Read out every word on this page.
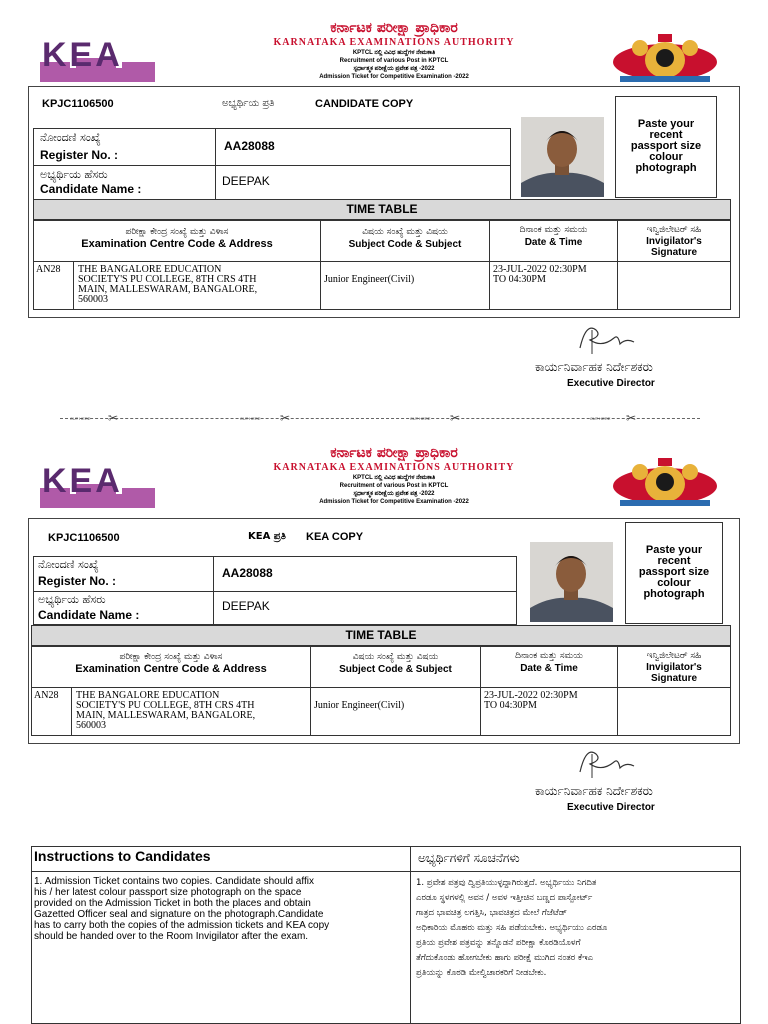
KEA
ಕರ್ನಾಟಕ ಪರೀಕ್ಷಾ ಪ್ರಾಧಿಕಾರ
KARNATAKA EXAMINATIONS AUTHORITY
KPTCL ನಲ್ಲಿ ವಿವಿಧ ಹುದ್ದೆಗಳ ನೇಮಕಾತಿ
Recruitment of various Post in KPTCL
ಸ್ಪರ್ಧಾತ್ಮಕ ಪರೀಕ್ಷೆಯ ಪ್ರವೇಶ ಪತ್ರ -2022
Admission Ticket for Competitive Examination -2022
KPJC1106500	ಅಭ್ಯರ್ಥಿಯ ಪ್ರತಿ	CANDIDATE COPY
ನೋಂದಣಿ ಸಂಖ್ಯೆ
Register No. :
AA28088
ಅಭ್ಯರ್ಥಿಯ ಹೆಸರು
Candidate Name :
DEEPAK
Paste your
recent
passport size
colour
photograph
TIME TABLE
ಪರೀಕ್ಷಾ ಕೇಂದ್ರ ಸಂಖ್ಯೆ ಮತ್ತು ವಿಳಾಸ
Examination Centre Code & Address
ವಿಷಯ ಸಂಖ್ಯೆ ಮತ್ತು ವಿಷಯ
Subject Code & Subject
ದಿನಾಂಕ ಮತ್ತು ಸಮಯ
Date & Time
ಇನ್ವಿಜಿಲೇಟರ್ ಸಹಿ
Invigilator's
Signature
AN28	THE BANGALORE EDUCATION
SOCIETY'S PU COLLEGE, 8TH CRS 4TH
MAIN, MALLESWARAM, BANGALORE,
560003
Junior Engineer(Civil)
23-JUL-2022 02:30PM
TO 04:30PM
ಕಾರ್ಯನಿರ್ವಾಹಕ ನಿರ್ದೇಶಕರು
Executive Director
✂	✂	✂	✂
CUT HERE	CUT HERE	CUT HERE	CUT HERE
KEA
ಕರ್ನಾಟಕ ಪರೀಕ್ಷಾ ಪ್ರಾಧಿಕಾರ
KARNATAKA EXAMINATIONS AUTHORITY
KPTCL ನಲ್ಲಿ ವಿವಿಧ ಹುದ್ದೆಗಳ ನೇಮಕಾತಿ
Recruitment of various Post in KPTCL
ಸ್ಪರ್ಧಾತ್ಮಕ ಪರೀಕ್ಷೆಯ ಪ್ರವೇಶ ಪತ್ರ -2022
Admission Ticket for Competitive Examination -2022
KPJC1106500	KEA ಪ್ರತಿ KEA COPY
ನೋಂದಣಿ ಸಂಖ್ಯೆ
Register No. :
AA28088
ಅಭ್ಯರ್ಥಿಯ ಹೆಸರು
Candidate Name :
DEEPAK
Paste your
recent
passport size
colour
photograph
TIME TABLE
ಪರೀಕ್ಷಾ ಕೇಂದ್ರ ಸಂಖ್ಯೆ ಮತ್ತು ವಿಳಾಸ
Examination Centre Code & Address
ವಿಷಯ ಸಂಖ್ಯೆ ಮತ್ತು ವಿಷಯ
Subject Code & Subject
ದಿನಾಂಕ ಮತ್ತು ಸಮಯ
Date & Time
ಇನ್ವಿಜಿಲೇಟರ್ ಸಹಿ
Invigilator's
Signature
AN28	THE BANGALORE EDUCATION
SOCIETY'S PU COLLEGE, 8TH CRS 4TH
MAIN, MALLESWARAM, BANGALORE,
560003
Junior Engineer(Civil)
23-JUL-2022 02:30PM
TO 04:30PM
ಕಾರ್ಯನಿರ್ವಾಹಕ ನಿರ್ದೇಶಕರು
Executive Director
Instructions to Candidates	ಅಭ್ಯರ್ಥಿಗಳಿಗೆ ಸೂಚನೆಗಳು
1. Admission Ticket contains two copies. Candidate should affix
his / her latest colour passport size photograph on the space
provided on the Admission Ticket in both the places and obtain
Gazetted Officer seal and signature on the photograph.Candidate
has to carry both the copies of the admission tickets and KEA copy
should be handed over to the Room Invigilator after the exam.
1. ಪ್ರವೇಶ ಪತ್ರವು ದ್ವಿಪ್ರತಿಯುಳ್ಳದ್ದಾಗಿರುತ್ತದೆ. ಅಭ್ಯರ್ಥಿಯು ನಿಗದಿತ
ಎರಡೂ ಸ್ಥಳಗಳಲ್ಲಿ ಅವನ / ಅವಳ ಇತ್ತೀಚಿನ ಬಣ್ಣದ ಪಾಸ್ಪೋರ್ಟ್
ಗಾತ್ರದ ಭಾವಚಿತ್ರ ಲಗತ್ತಿಸಿ, ಭಾವಚಿತ್ರದ ಮೇಲೆ ಗೆಜೆಟೆಡ್
ಅಧಿಕಾರಿಯ ಮೊಹರು ಮತ್ತು ಸಹಿ ಪಡೆಯಬೇಕು. ಅಭ್ಯರ್ಥಿಯು ಎರಡೂ
ಪ್ರತಿಯ ಪ್ರವೇಶ ಪತ್ರವನ್ನು ತನ್ನೊಡನೆ ಪರೀಕ್ಷಾ ಕೊಠಡಿಯೊಳಗೆ
ತೆಗೆದುಕೊಂಡು ಹೋಗಬೇಕು ಹಾಗು ಪರೀಕ್ಷೆ ಮುಗಿದ ನಂತರ ಕೆಇಎ
ಪ್ರತಿಯನ್ನು ಕೊಠಡಿ ಮೇಲ್ವಿಚಾರಕರಿಗೆ ನೀಡಬೇಕು.
